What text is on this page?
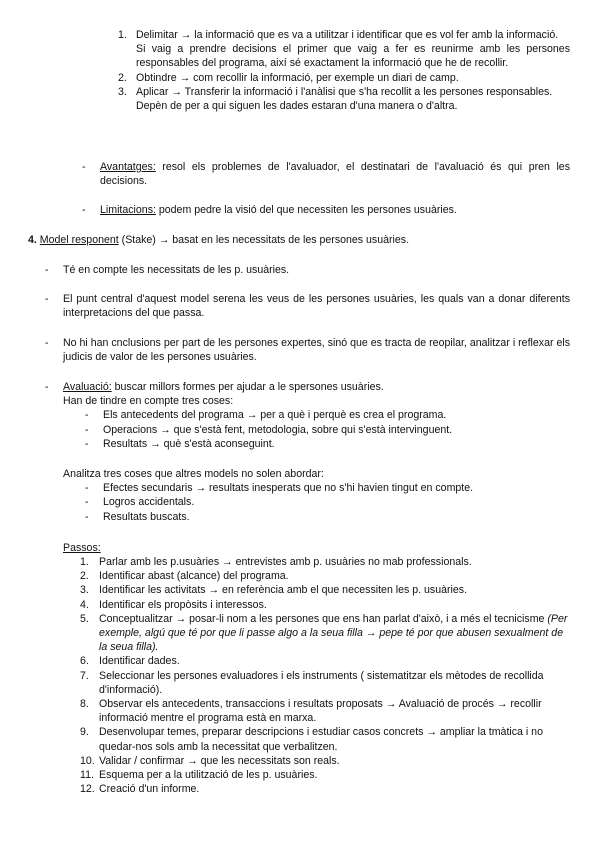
1. Delimitar → la informació que es va a utilitzar i identificar que es vol fer amb la informació.
Si vaig a prendre decisions el primer que vaig a fer es reunirme amb les persones responsables del programa, així sé exactament la informació que he de recollir.
2. Obtindre → com recollir la informació, per exemple un diari de camp.
3. Aplicar → Transferir la informació i l'anàlisi que s'ha recollit a les persones responsables.
Depèn de per a qui siguen les dades estaran d'una manera o d'altra.
- Avantatges: resol els problemes de l'avaluador, el destinatari de l'avaluació és qui pren les decisions.
- Limitacions: podem pedre la visió del que necessiten les persones usuàries.
4. Model responent (Stake) → basat en les necessitats de les persones usuàries.
- Té en compte les necessitats de les p. usuàries.
- El punt central d'aquest model serena les veus de les persones usuàries, les quals van a donar diferents interpretacions del que passa.
- No hi han cnclusions per part de les persones expertes, sinó que es tracta de reopilar, analitzar i reflexar els judicis de valor de les persones usuàries.
- Avaluació: buscar millors formes per ajudar a le spersones usuàries.
Han de tindre en compte tres coses:
- Els antecedents del programa → per a què i perquè es crea el programa.
- Operacions → que s'està fent, metodologia, sobre qui s'està intervinguent.
- Resultats → què s'està aconseguint.
Analitza tres coses que altres models no solen abordar:
- Efectes secundaris → resultats inesperats que no s'hi havien tingut en compte.
- Logros accidentals.
- Resultats buscats.
Passos:
1. Parlar amb les p.usuàries → entrevistes amb p. usuàries no mab professionals.
2. Identificar abast (alcance) del programa.
3. Identificar les activitats → en referència amb el que necessiten les p. usuàries.
4. Identificar els propòsits i interessos.
5. Conceptualitzar → posar-li nom a les persones que ens han parlat d'això, i a més el tecnicisme (Per exemple, algú que té por que li passe algo a la seua filla → pepe té por que abusen sexualment de la seua filla).
6. Identificar dades.
7. Seleccionar les persones evaluadores i els instruments ( sistematitzar els mètodes de recollida d'informació).
8. Observar els antecedents, transaccions i resultats proposats → Avaluació de procés → recollir informació mentre el programa està en marxa.
9. Desenvolupar temes, preparar descripcions i estudiar casos concrets → ampliar la tmàtica i no quedar-nos sols amb la necessitat que verbalitzen.
10. Validar / confirmar → que les necessitats son reals.
11. Esquema per a la utilització de les p. usuàries.
12. Creació d'un informe.
